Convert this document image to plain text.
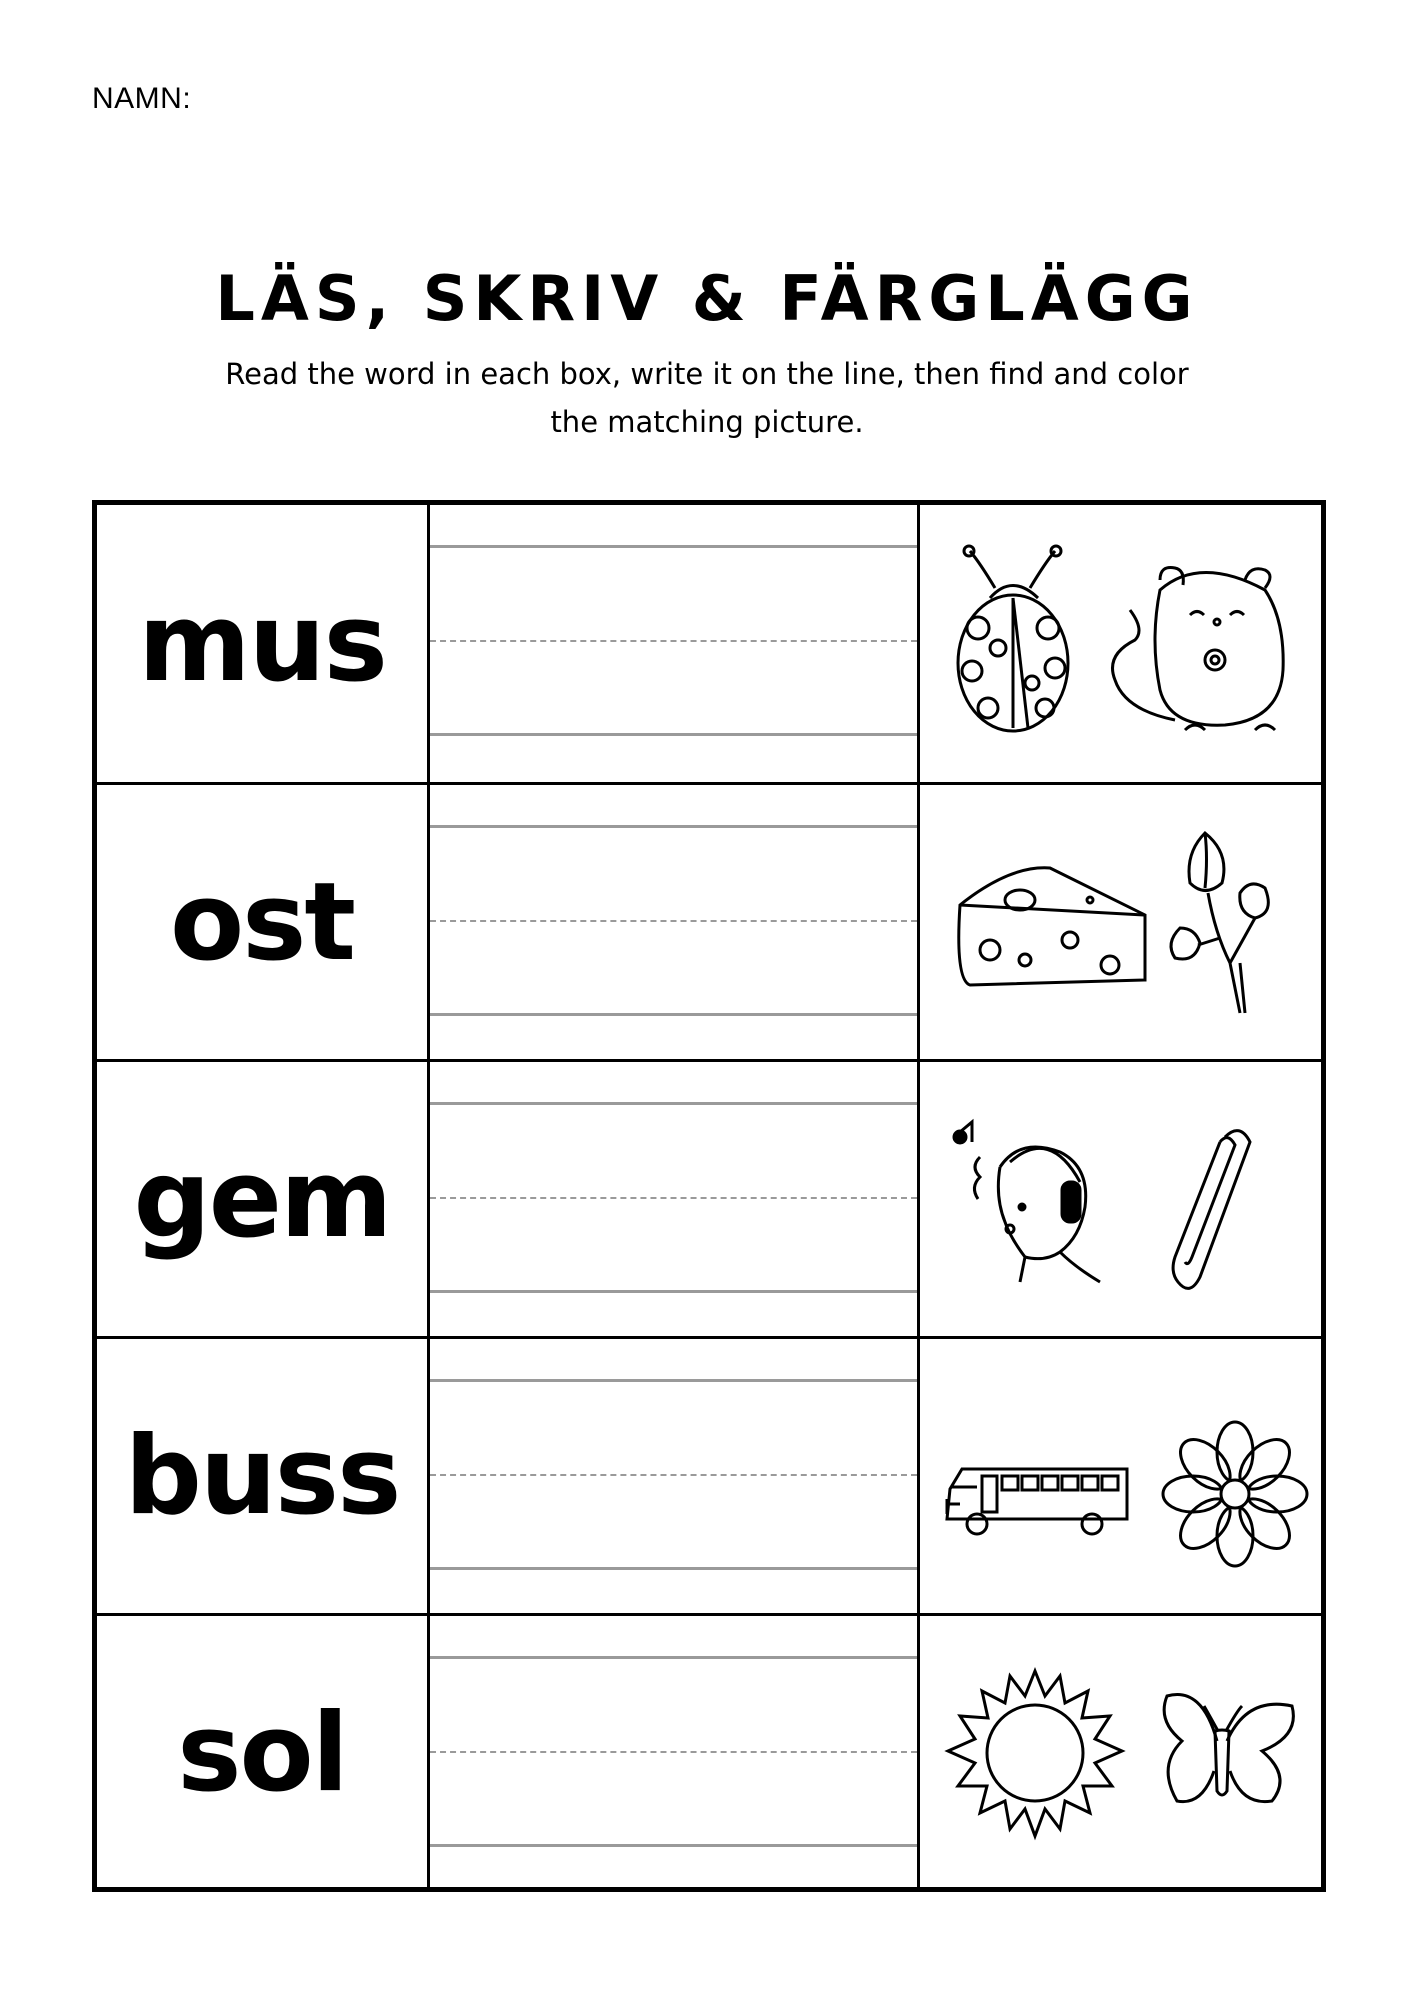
NAMN:
LÄS, SKRIV & FÄRGLÄGG
Read the word in each box, write it on the line, then find and color the matching picture.
mus
ost
gem
buss
sol
